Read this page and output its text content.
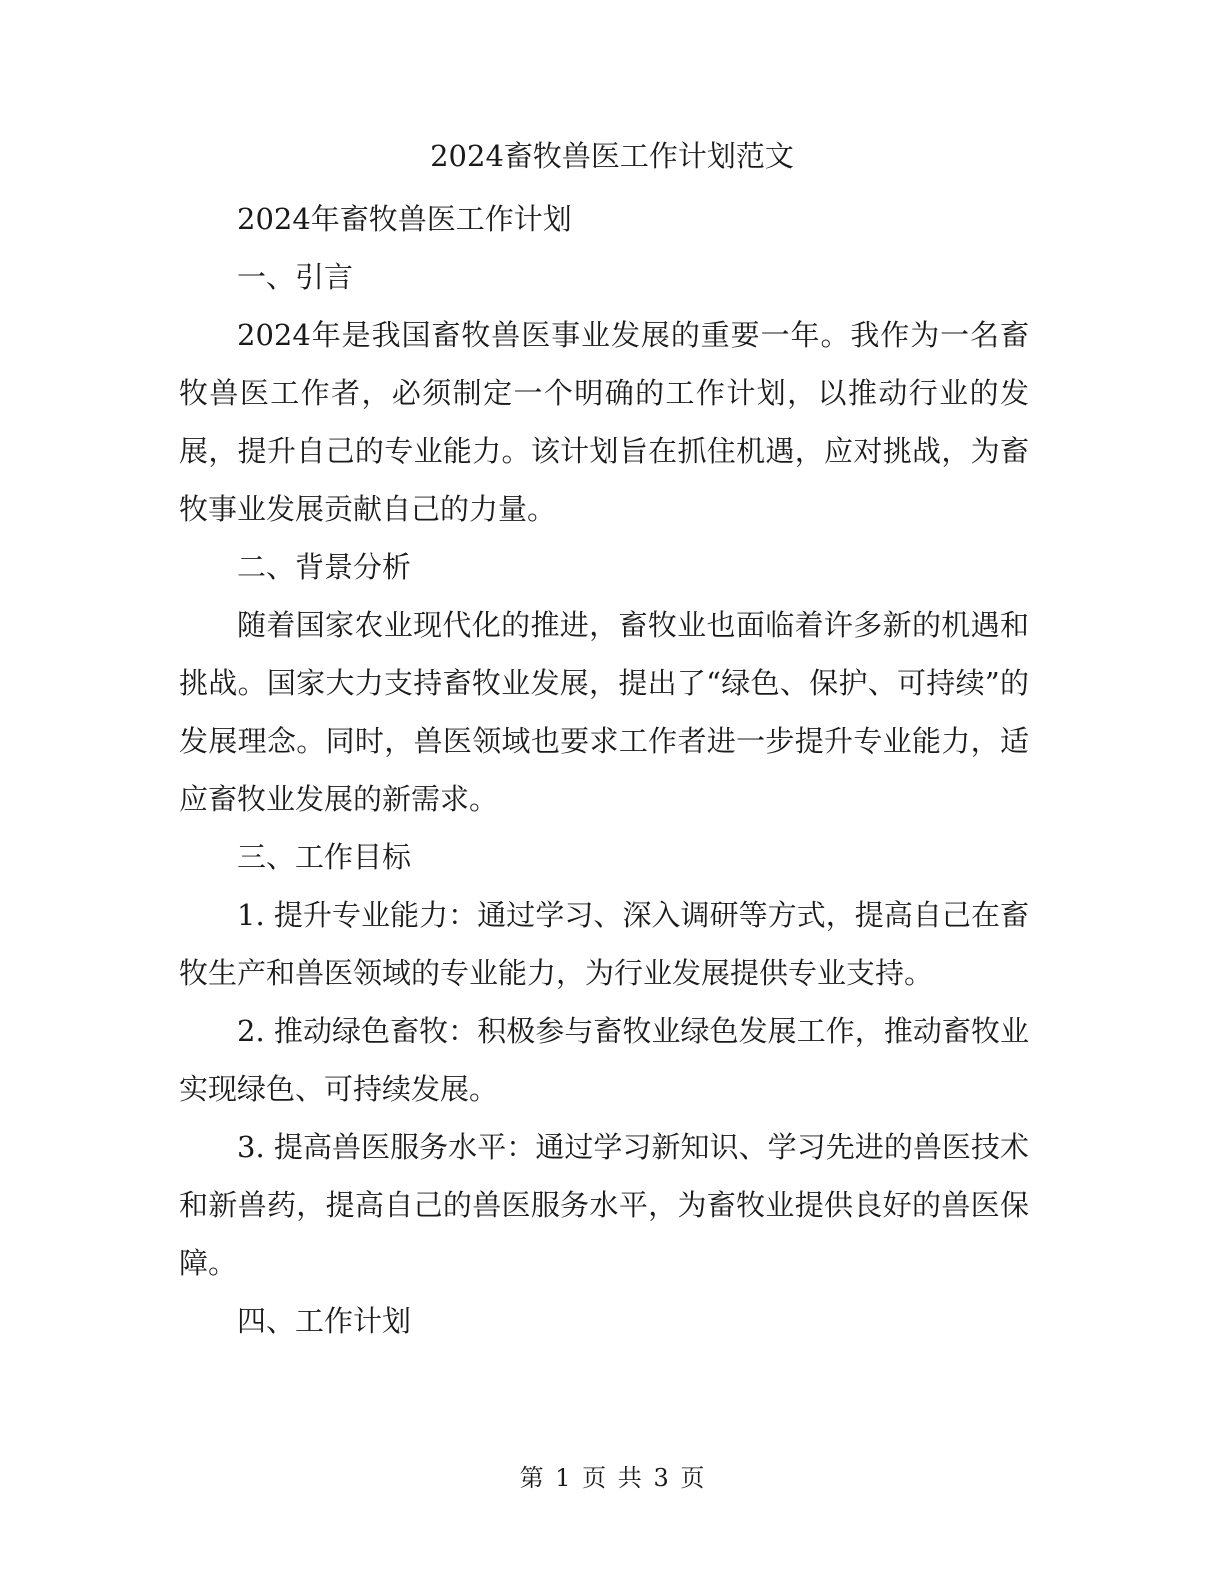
2024畜牧兽医工作计划范文

2024年畜牧兽医工作计划

一、引言

2024年是我国畜牧兽医事业发展的重要一年。我作为一名畜牧兽医工作者，必须制定一个明确的工作计划，以推动行业的发展，提升自己的专业能力。该计划旨在抓住机遇，应对挑战，为畜牧事业发展贡献自己的力量。

二、背景分析

随着国家农业现代化的推进，畜牧业也面临着许多新的机遇和挑战。国家大力支持畜牧业发展，提出了“绿色、保护、可持续”的发展理念。同时，兽医领域也要求工作者进一步提升专业能力，适应畜牧业发展的新需求。

三、工作目标

1. 提升专业能力：通过学习、深入调研等方式，提高自己在畜牧生产和兽医领域的专业能力，为行业发展提供专业支持。

2. 推动绿色畜牧：积极参与畜牧业绿色发展工作，推动畜牧业实现绿色、可持续发展。

3. 提高兽医服务水平：通过学习新知识、学习先进的兽医技术和新兽药，提高自己的兽医服务水平，为畜牧业提供良好的兽医保障。

四、工作计划

第 1 页 共 3 页
